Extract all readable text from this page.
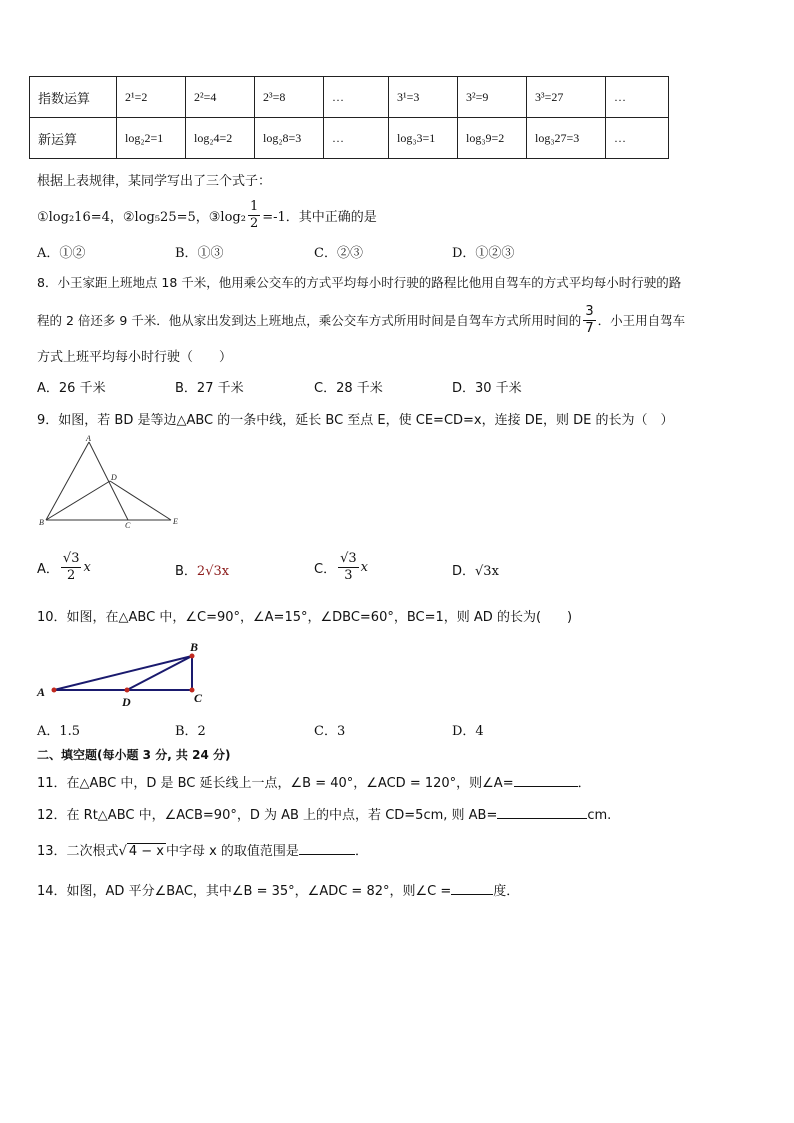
指数运算	2¹=2	2²=4	2³=8	…	3¹=3	3²=9	3³=27	…
新运算	log₂2=1	log₂4=2	log₂8=3	…	log₃3=1	log₃9=2	log₃27=3	…
根据上表规律，某同学写出了三个式子：
①log₂16=4，②log₅25=5，③log₂ $\frac{1}{2} =-1$．其中正确的是
A．①②	B．①③	C．②③	D．①②③
8．小王家距上班地点 18 千米，他用乘公交车的方式平均每小时行驶的路程比他用自驾车的方式平均每小时行驶的路
程的 2 倍还多 9 千米．他从家出发到达上班地点，乘公交车方式所用时间是自驾车方式所用时间的 $\frac{3}{7}$ ．小王用自驾车
方式上班平均每小时行驶（　　）
A．26 千米	B．27 千米	C．28 千米	D．30 千米
9．如图，若 BD 是等边△ABC 的一条中线，延长 BC 至点 E，使 CE=CD=x，连接 DE，则 DE 的长为（　）
A
B	C
D
E
A． $\frac{√3}{2}$ x	B．2√3x	C． $\frac{√3}{3}$ x	D．√3x
10．如图，在△ABC 中，∠C=90°，∠A=15°，∠DBC=60°，BC=1，则 AD 的长为(　　)
A
B
C
D
A．1.5	B．2	C．3	D．4
二、填空题(每小题 3 分, 共 24 分)
11．在△ABC 中，D 是 BC 延长线上一点，∠B = 40°，∠ACD = 120°，则∠A=	．
12．在 Rt△ABC 中，∠ACB=90°，D 为 AB 上的中点，若 CD=5cm, 则 AB=	cm.
13．二次根式√ 4 − x 中字母 x 的取值范围是	．
14．如图，AD 平分∠BAC，其中∠B = 35°，∠ADC = 82°，则∠C =	度．
